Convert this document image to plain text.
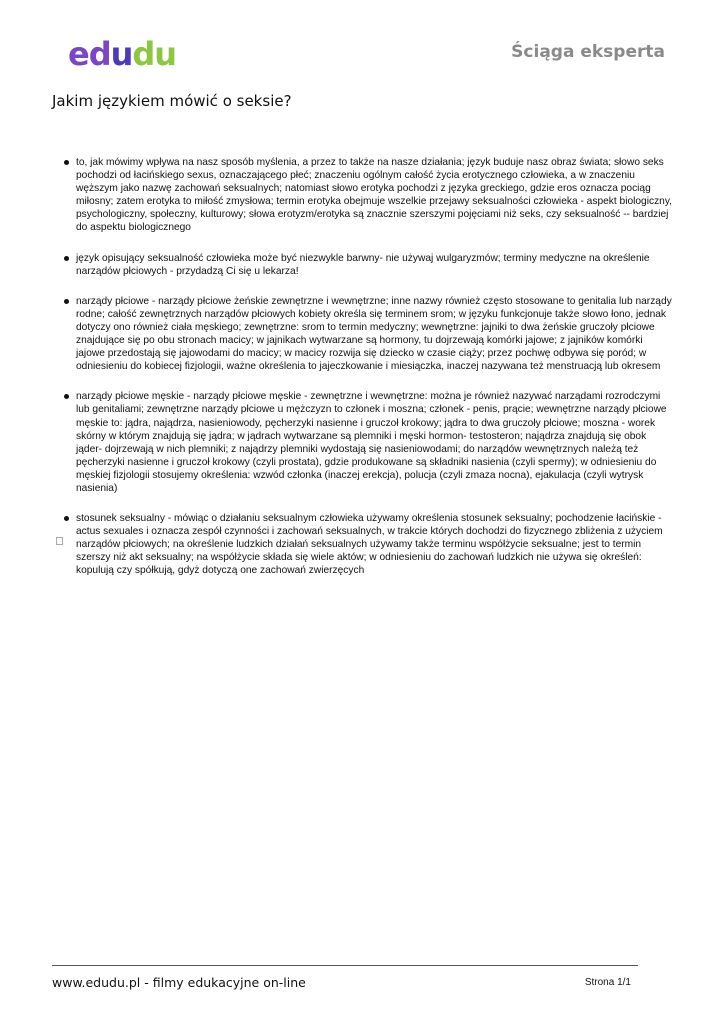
edudu	Ściąga eksperta
Jakim językiem mówić o seksie?
to, jak mówimy wpływa na nasz sposób myślenia, a przez to także na nasze działania; język buduje nasz obraz świata; słowo seks pochodzi od łacińskiego sexus, oznaczającego płeć; znaczeniu ogólnym całość życia erotycznego człowieka, a w znaczeniu węższym jako nazwę zachowań seksualnych; natomiast słowo erotyka pochodzi z języka greckiego, gdzie eros oznacza pociąg miłosny; zatem erotyka to miłość zmysłowa; termin erotyka obejmuje wszelkie przejawy seksualności człowieka - aspekt biologiczny, psychologiczny, społeczny, kulturowy; słowa erotyzm/erotyka są znacznie szerszymi pojęciami niż seks, czy seksualność -- bardziej do aspektu biologicznego
język opisujący seksualność człowieka może być niezwykle barwny- nie używaj wulgaryzmów; terminy medyczne na określenie narządów płciowych - przydadzą Ci się u lekarza!
narządy płciowe - narządy płciowe żeńskie zewnętrzne i wewnętrzne; inne nazwy również często stosowane to genitalia lub narządy rodne; całość zewnętrznych narządów płciowych kobiety określa się terminem srom; w języku funkcjonuje także słowo łono, jednak dotyczy ono również ciała męskiego; zewnętrzne: srom to termin medyczny; wewnętrzne: jajniki to dwa żeńskie gruczoły płciowe znajdujące się po obu stronach macicy; w jajnikach wytwarzane są hormony, tu dojrzewają komórki jajowe; z jajników komórki jajowe przedostają się jajowodami do macicy; w macicy rozwija się dziecko w czasie ciąży; przez pochwę odbywa się poród; w odniesieniu do kobiecej fizjologii, ważne określenia to jajeczkowanie i miesiączka, inaczej nazywana też menstruacją lub okresem
narządy płciowe męskie - narządy płciowe męskie - zewnętrzne i wewnętrzne: można je również nazywać narządami rozrodczymi lub genitaliami; zewnętrzne narządy płciowe u mężczyzn to członek i moszna; członek - penis, prącie; wewnętrzne narządy płciowe męskie to: jądra, najądrza, nasieniowody, pęcherzyki nasienne i gruczoł krokowy; jądra to dwa gruczoły płciowe; moszna - worek skórny w którym znajdują się jądra; w jądrach wytwarzane są plemniki i męski hormon- testosteron; najądrza znajdują się obok jąder- dojrzewają w nich plemniki; z najądrzy plemniki wydostają się nasieniowodami; do narządów wewnętrznych należą też pęcherzyki nasienne i gruczoł krokowy (czyli prostata), gdzie produkowane są składniki nasienia (czyli spermy); w odniesieniu do męskiej fizjologii stosujemy określenia: wzwód członka (inaczej erekcja), polucja (czyli zmaza nocna), ejakulacja (czyli wytrysk nasienia)
stosunek seksualny - mówiąc o działaniu seksualnym człowieka używamy określenia stosunek seksualny; pochodzenie łacińskie - actus sexuales i oznacza zespół czynności i zachowań seksualnych, w trakcie których dochodzi do fizycznego zbliżenia z użyciem narządów płciowych; na określenie ludzkich działań seksualnych używamy także terminu współżycie seksualne; jest to termin szerszy niż akt seksualny; na współżycie składa się wiele aktów; w odniesieniu do zachowań ludzkich nie używa się określeń: kopulują czy spółkują, gdyż dotyczą one zachowań zwierzęcych
www.edudu.pl - filmy edukacyjne on-line	Strona 1/1
